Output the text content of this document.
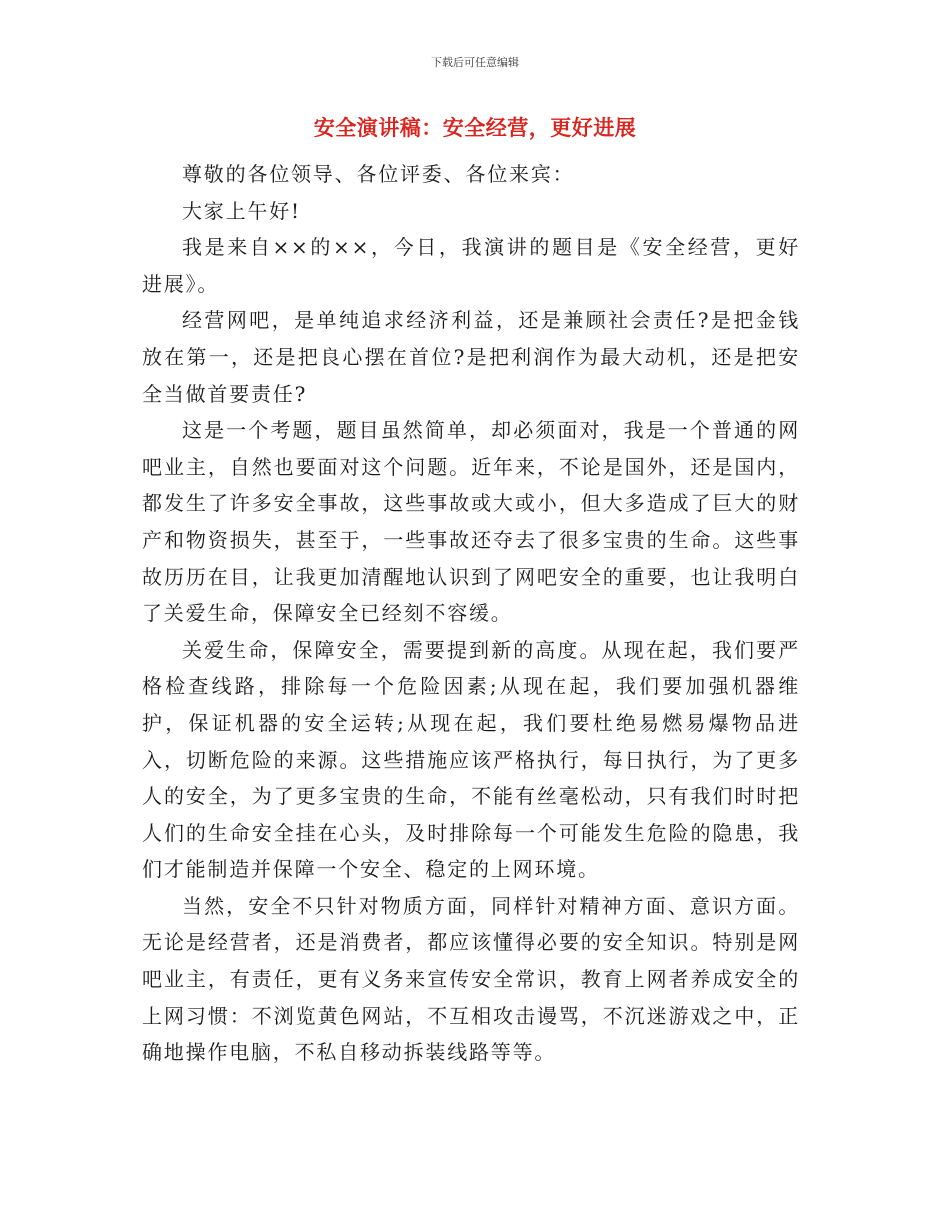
下载后可任意编辑
安全演讲稿：安全经营，更好进展

尊敬的各位领导、各位评委、各位来宾：

大家上午好!

我是来自××的××，今日，我演讲的题目是《安全经营，更好进展》。

经营网吧，是单纯追求经济利益，还是兼顾社会责任?是把金钱放在第一，还是把良心摆在首位?是把利润作为最大动机，还是把安全当做首要责任?

这是一个考题，题目虽然简单，却必须面对，我是一个普通的网吧业主，自然也要面对这个问题。近年来，不论是国外，还是国内，都发生了许多安全事故，这些事故或大或小，但大多造成了巨大的财产和物资损失，甚至于，一些事故还夺去了很多宝贵的生命。这些事故历历在目，让我更加清醒地认识到了网吧安全的重要，也让我明白了关爱生命，保障安全已经刻不容缓。

关爱生命，保障安全，需要提到新的高度。从现在起，我们要严格检查线路，排除每一个危险因素;从现在起，我们要加强机器维护，保证机器的安全运转;从现在起，我们要杜绝易燃易爆物品进入，切断危险的来源。这些措施应该严格执行，每日执行，为了更多人的安全，为了更多宝贵的生命，不能有丝毫松动，只有我们时时把人们的生命安全挂在心头，及时排除每一个可能发生危险的隐患，我们才能制造并保障一个安全、稳定的上网环境。

当然，安全不只针对物质方面，同样针对精神方面、意识方面。无论是经营者，还是消费者，都应该懂得必要的安全知识。特别是网吧业主，有责任，更有义务来宣传安全常识，教育上网者养成安全的上网习惯：不浏览黄色网站，不互相攻击谩骂，不沉迷游戏之中，正确地操作电脑，不私自移动拆装线路等等。
